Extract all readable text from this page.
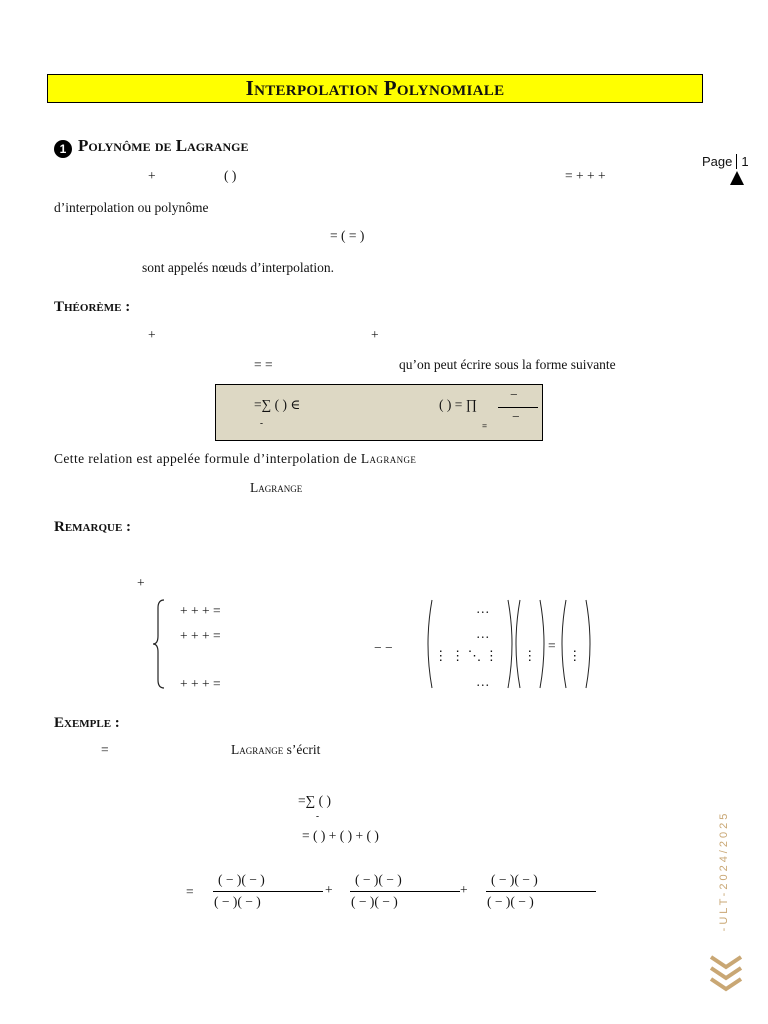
Interpolation Polynomiale
Page 1
1 Polynôme de Lagrange
+	( )	= + + +
d’interpolation ou polynôme
= ( = )
sont appelés nœuds d’interpolation.
Théorème :
+	+
= =	qu’on peut écrire sous la forme suivante
=∑ ( ) ∈
-
( ) = ∏
=
−
−
Cette relation est appelée formule d’interpolation de Lagrange
Lagrange
Remarque :
+
+ + + =
+ + + =
+ + + =
− −
…
…
⋮ ⋮ ⋱ ⋮
…
⋮
=
⋮
Exemple :
=	Lagrange s’écrit
=∑ ( )
-
= ( ) + ( ) + ( )
=
( − )( − )
( − )( − )
+
( − )( − )
( − )( − )
+
( − )( − )
( − )( − )	-ULT-2024/2025
